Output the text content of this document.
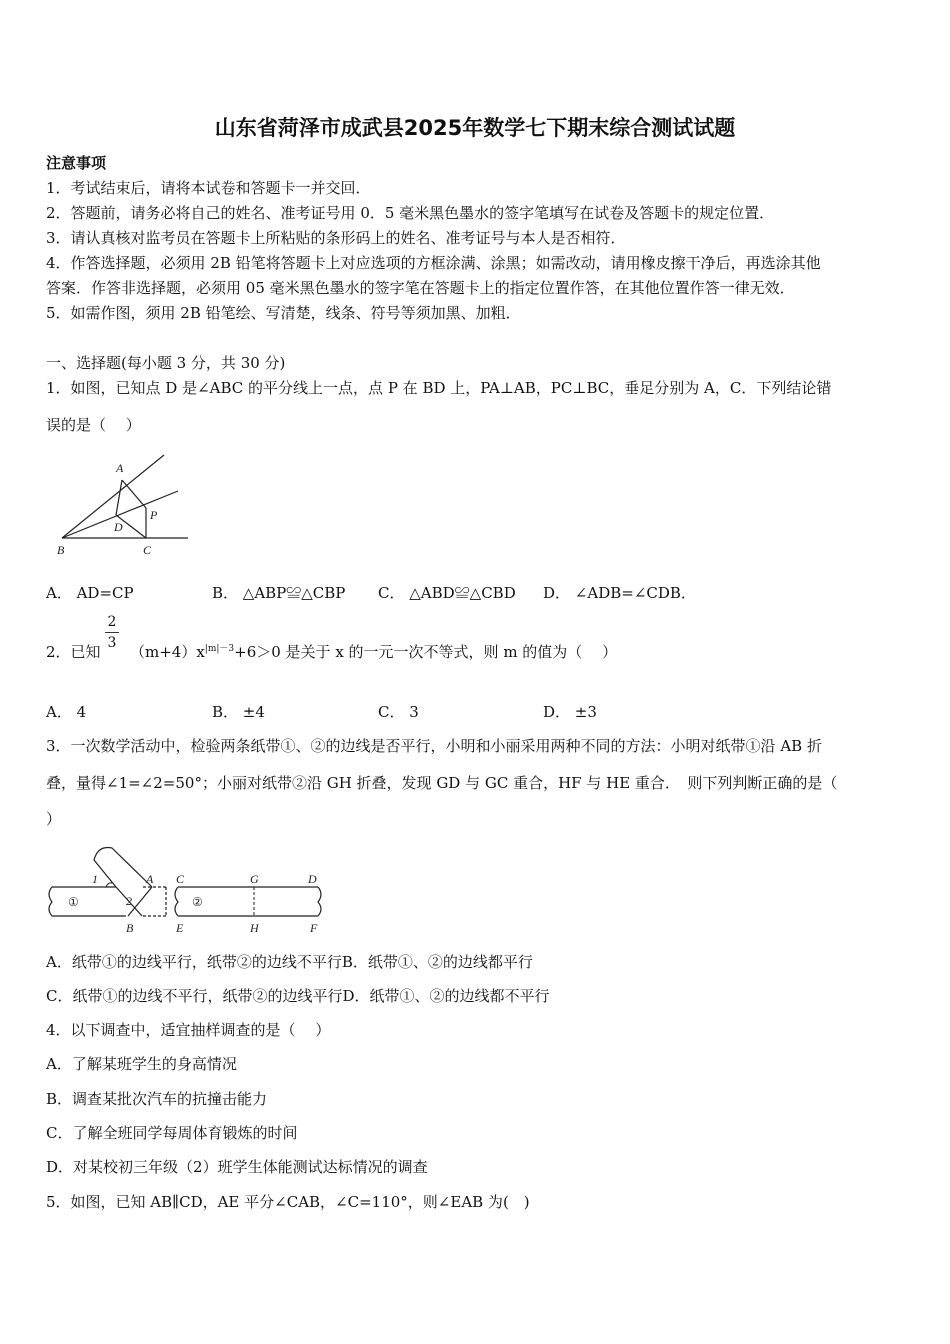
山东省菏泽市成武县2025年数学七下期末综合测试试题
注意事项
1．考试结束后，请将本试卷和答题卡一并交回．
2．答题前，请务必将自己的姓名、准考证号用 0．5 毫米黑色墨水的签字笔填写在试卷及答题卡的规定位置．
3．请认真核对监考员在答题卡上所粘贴的条形码上的姓名、准考证号与本人是否相符．
4．作答选择题，必须用 2B 铅笔将答题卡上对应选项的方框涂满、涂黑；如需改动，请用橡皮擦干净后，再选涂其他
答案．作答非选择题，必须用 05 毫米黑色墨水的签字笔在答题卡上的指定位置作答，在其他位置作答一律无效．
5．如需作图，须用 2B 铅笔绘、写清楚，线条、符号等须加黑、加粗．
一、选择题(每小题 3 分，共 30 分)
1．如图，已知点 D 是∠ABC 的平分线上一点，点 P 在 BD 上，PA⊥AB，PC⊥BC，垂足分别为 A，C．下列结论错
误的是（　 ）
A
B	C
D
P
A． AD=CP	B． △ABP≌△CBP C． △ABD≌△CBD D． ∠ADB=∠CDB．
2．已知
2
3 $(m+4)x^{|m|-3}+6>0$ 是关于 x 的一元一次不等式，则 m 的值为（　 ）
A． 4	B． ±4	C． 3	D． ±3
3．一次数学活动中，检验两条纸带①、②的边线是否平行，小明和小丽采用两种不同的方法：小明对纸带①沿 AB 折
叠，量得∠1=∠2=50°；小丽对纸带②沿 GH 折叠，发现 GD 与 GC 重合，HF 与 HE 重合．　则下列判断正确的是（
）
1
2
A
B
①	②
C	G	D
E	H	F
A．纸带①的边线平行，纸带②的边线不平行B．纸带①、②的边线都平行
C．纸带①的边线不平行，纸带②的边线平行D．纸带①、②的边线都不平行
4．以下调查中，适宜抽样调查的是（　 ）
A．了解某班学生的身高情况
B．调查某批次汽车的抗撞击能力
C．了解全班同学每周体育锻炼的时间
D．对某校初三年级（2）班学生体能测试达标情况的调查
5．如图，已知 AB∥CD，AE 平分∠CAB，∠C=110°，则∠EAB 为(　)
